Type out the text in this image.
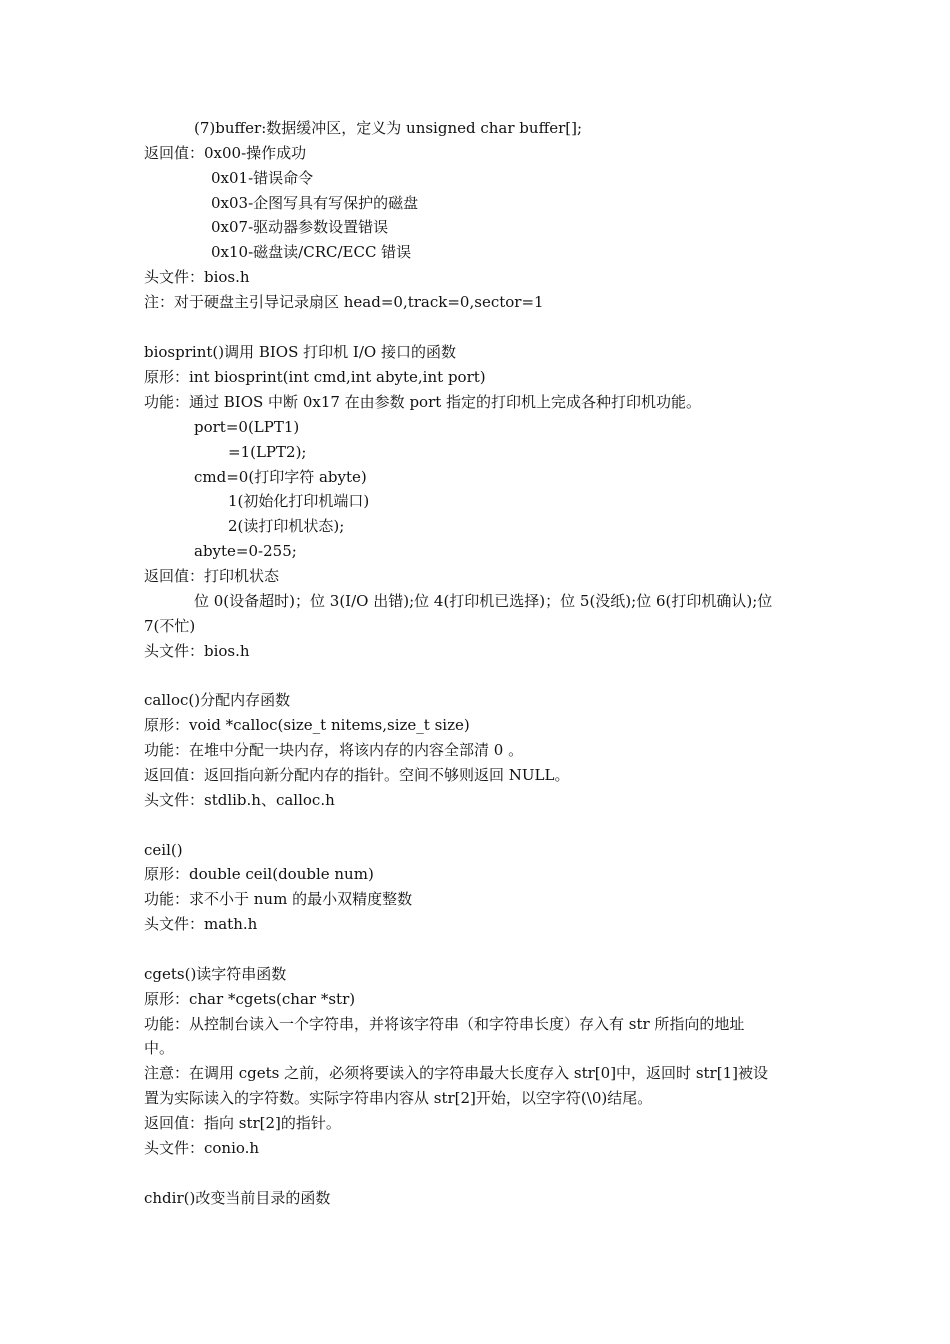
(7)buffer:数据缓冲区，定义为 unsigned char buffer[];
返回值：0x00-操作成功
0x01-错误命令
0x03-企图写具有写保护的磁盘
0x07-驱动器参数设置错误
0x10-磁盘读/CRC/ECC 错误
头文件：bios.h
注：对于硬盘主引导记录扇区 head=0,track=0,sector=1
biosprint()调用 BIOS 打印机 I/O 接口的函数
原形：int biosprint(int cmd,int abyte,int port)
功能：通过 BIOS 中断 0x17 在由参数 port 指定的打印机上完成各种打印机功能。
port=0(LPT1)
=1(LPT2);
cmd=0(打印字符 abyte)
1(初始化打印机端口)
2(读打印机状态);
abyte=0-255;
返回值：打印机状态
位 0(设备超时)；位 3(I/O 出错);位 4(打印机已选择)；位 5(没纸);位 6(打印机确认);位
7(不忙)
头文件：bios.h
calloc()分配内存函数
原形：void *calloc(size_t nitems,size_t size)
功能：在堆中分配一块内存，将该内存的内容全部清 0 。
返回值：返回指向新分配内存的指针。空间不够则返回 NULL。
头文件：stdlib.h、calloc.h
ceil()
原形：double ceil(double num)
功能：求不小于 num 的最小双精度整数
头文件：math.h
cgets()读字符串函数
原形：char *cgets(char *str)
功能：从控制台读入一个字符串，并将该字符串（和字符串长度）存入有 str 所指向的地址
中。
注意：在调用 cgets 之前，必须将要读入的字符串最大长度存入 str[0]中，返回时 str[1]被设
置为实际读入的字符数。实际字符串内容从 str[2]开始，以空字符(\0)结尾。
返回值：指向 str[2]的指针。
头文件：conio.h
chdir()改变当前目录的函数
